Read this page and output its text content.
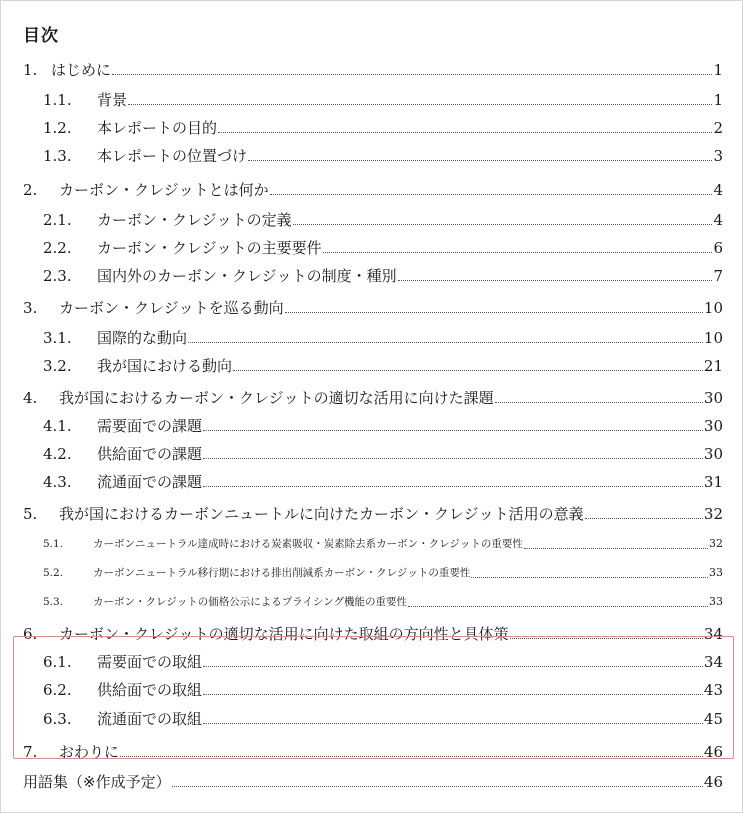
目次
1. はじめに	1
1.1. 背景	1
1.2. 本レポートの目的	2
1.3. 本レポートの位置づけ	3
2.	カーボン・クレジットとは何か	4
2.1. カーボン・クレジットの定義	4
2.2. カーボン・クレジットの主要要件	6
2.3. 国内外のカーボン・クレジットの制度・種別	7
3.	カーボン・クレジットを巡る動向	10
3.1. 国際的な動向	10
3.2. 我が国における動向	21
4.	我が国におけるカーボン・クレジットの適切な活用に向けた課題	30
4.1. 需要面での課題	30
4.2. 供給面での課題	30
4.3. 流通面での課題	31
5.	我が国におけるカーボンニュートルに向けたカーボン・クレジット活用の意義	32
5.1.	カーボンニュートラル達成時における炭素吸収・炭素除去系カーボン・クレジットの重要性	32
5.2.	カーボンニュートラル移行期における排出削減系カーボン・クレジットの重要性	33
5.3.	カーボン・クレジットの価格公示によるプライシング機能の重要性	33
6.	カーボン・クレジットの適切な活用に向けた取組の方向性と具体策	34
6.1. 需要面での取組	34
6.2. 供給面での取組	43
6.3. 流通面での取組	45
7.	おわりに	46
用語集（※作成予定）	46
